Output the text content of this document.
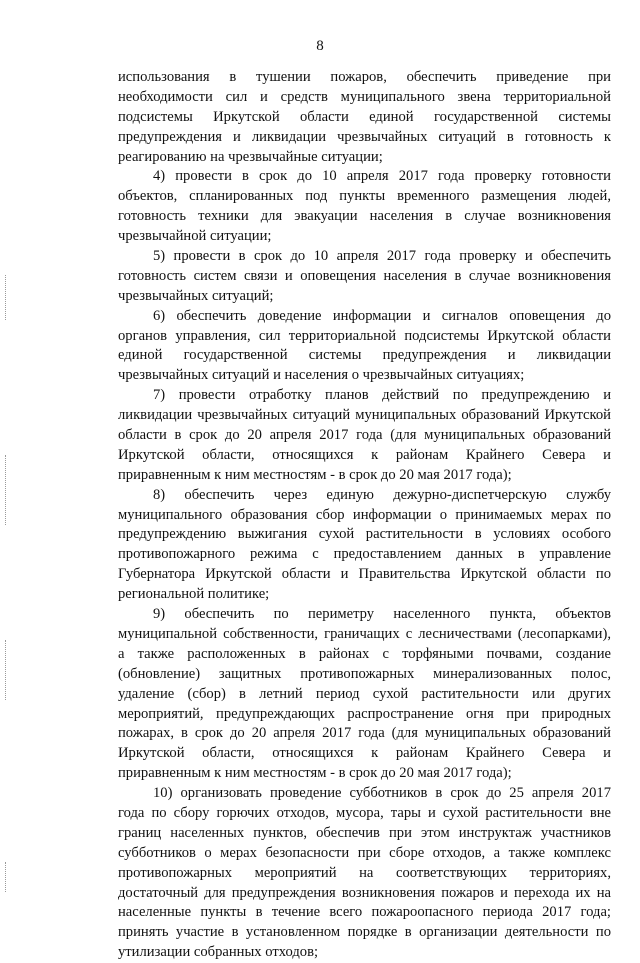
8
использования в тушении пожаров, обеспечить приведение при
необходимости сил и средств муниципального звена территориальной
подсистемы Иркутской области единой государственной системы
предупреждения и ликвидации чрезвычайных ситуаций в готовность к
реагированию на чрезвычайные ситуации;
4) провести в срок до 10 апреля 2017 года проверку готовности
объектов, спланированных под пункты временного размещения людей,
готовность техники для эвакуации населения в случае возникновения
чрезвычайной ситуации;
5) провести в срок до 10 апреля 2017 года проверку и обеспечить
готовность систем связи и оповещения населения в случае возникновения
чрезвычайных ситуаций;
6) обеспечить доведение информации и сигналов оповещения до
органов управления, сил территориальной подсистемы Иркутской области
единой государственной системы предупреждения и ликвидации
чрезвычайных ситуаций и населения о чрезвычайных ситуациях;
7) провести отработку планов действий по предупреждению и
ликвидации чрезвычайных ситуаций муниципальных образований Иркутской
области в срок до 20 апреля 2017 года (для муниципальных образований
Иркутской области, относящихся к районам Крайнего Севера и
приравненным к ним местностям - в срок до 20 мая 2017 года);
8) обеспечить через единую дежурно-диспетчерскую службу
муниципального образования сбор информации о принимаемых мерах по
предупреждению выжигания сухой растительности в условиях особого
противопожарного режима с предоставлением данных в управление
Губернатора Иркутской области и Правительства Иркутской области по
региональной политике;
9) обеспечить по периметру населенного пункта, объектов
муниципальной собственности, граничащих с лесничествами (лесопарками),
а также расположенных в районах с торфяными почвами, создание
(обновление) защитных противопожарных минерализованных полос,
удаление (сбор) в летний период сухой растительности или других
мероприятий, предупреждающих распространение огня при природных
пожарах, в срок до 20 апреля 2017 года (для муниципальных образований
Иркутской области, относящихся к районам Крайнего Севера и
приравненным к ним местностям - в срок до 20 мая 2017 года);
10) организовать проведение субботников в срок до 25 апреля 2017
года по сбору горючих отходов, мусора, тары и сухой растительности вне
границ населенных пунктов, обеспечив при этом инструктаж участников
субботников о мерах безопасности при сборе отходов, а также комплекс
противопожарных мероприятий на соответствующих территориях,
достаточный для предупреждения возникновения пожаров и перехода их на
населенные пункты в течение всего пожароопасного периода 2017 года;
принять участие в установленном порядке в организации деятельности по
утилизации собранных отходов;
